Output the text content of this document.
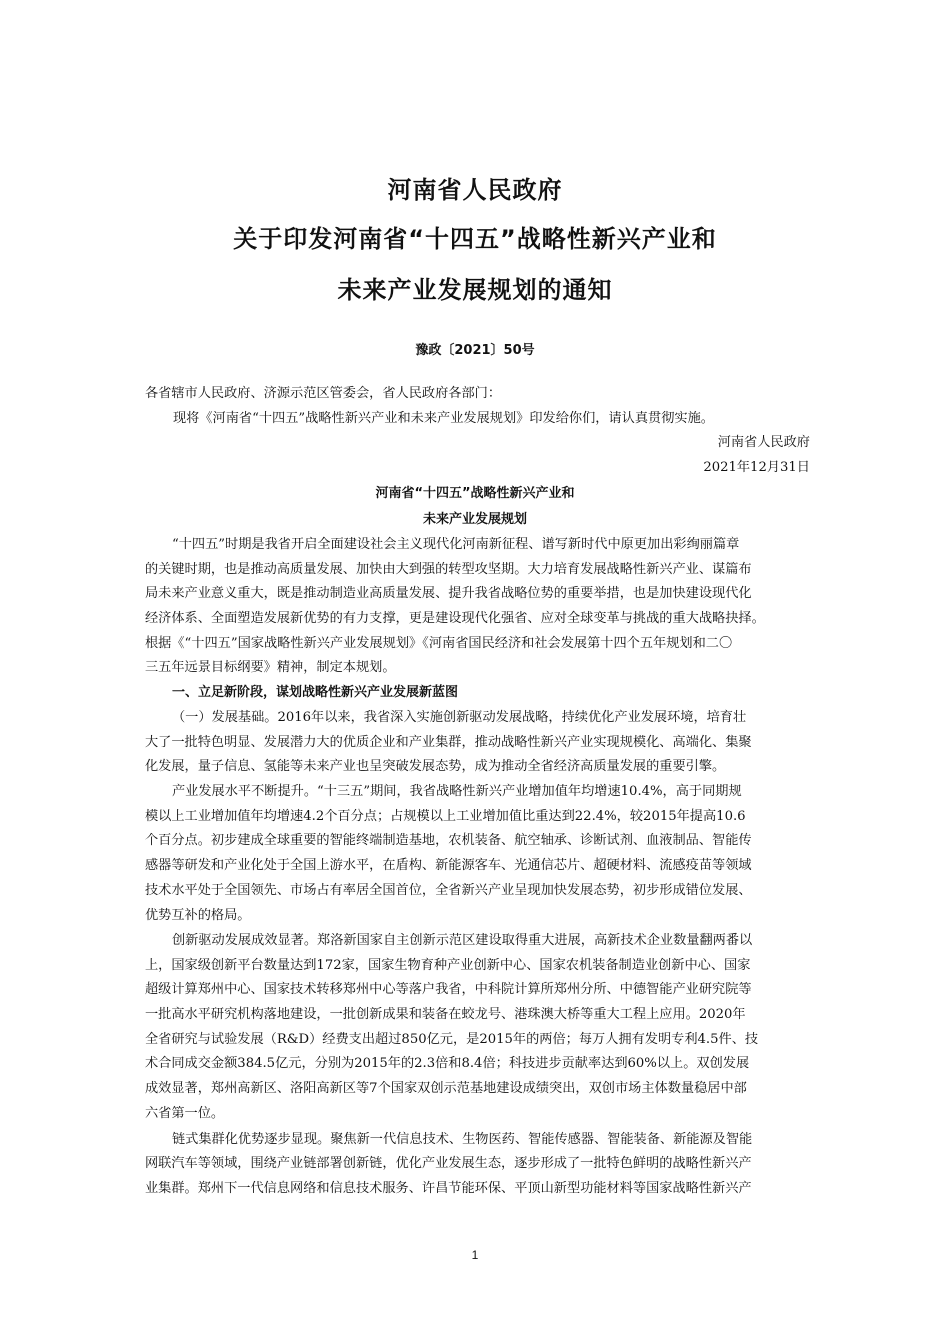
河南省人民政府
关于印发河南省“十四五”战略性新兴产业和
未来产业发展规划的通知
豫政〔2021〕50号
各省辖市人民政府、济源示范区管委会，省人民政府各部门：
现将《河南省“十四五”战略性新兴产业和未来产业发展规划》印发给你们，请认真贯彻实施。
河南省人民政府
2021年12月31日
河南省“十四五”战略性新兴产业和
未来产业发展规划
“十四五”时期是我省开启全面建设社会主义现代化河南新征程、谱写新时代中原更加出彩绚丽篇章
的关键时期，也是推动高质量发展、加快由大到强的转型攻坚期。大力培育发展战略性新兴产业、谋篇布
局未来产业意义重大，既是推动制造业高质量发展、提升我省战略位势的重要举措，也是加快建设现代化
经济体系、全面塑造发展新优势的有力支撑，更是建设现代化强省、应对全球变革与挑战的重大战略抉择。
根据《“十四五”国家战略性新兴产业发展规划》《河南省国民经济和社会发展第十四个五年规划和二〇
三五年远景目标纲要》精神，制定本规划。
一、立足新阶段，谋划战略性新兴产业发展新蓝图
（一）发展基础。2016年以来，我省深入实施创新驱动发展战略，持续优化产业发展环境，培育壮
大了一批特色明显、发展潜力大的优质企业和产业集群，推动战略性新兴产业实现规模化、高端化、集聚
化发展，量子信息、氢能等未来产业也呈突破发展态势，成为推动全省经济高质量发展的重要引擎。
产业发展水平不断提升。“十三五”期间，我省战略性新兴产业增加值年均增速10.4%，高于同期规
模以上工业增加值年均增速4.2个百分点；占规模以上工业增加值比重达到22.4%，较2015年提高10.6
个百分点。初步建成全球重要的智能终端制造基地，农机装备、航空轴承、诊断试剂、血液制品、智能传
感器等研发和产业化处于全国上游水平，在盾构、新能源客车、光通信芯片、超硬材料、流感疫苗等领域
技术水平处于全国领先、市场占有率居全国首位，全省新兴产业呈现加快发展态势，初步形成错位发展、
优势互补的格局。
创新驱动发展成效显著。郑洛新国家自主创新示范区建设取得重大进展，高新技术企业数量翻两番以
上，国家级创新平台数量达到172家，国家生物育种产业创新中心、国家农机装备制造业创新中心、国家
超级计算郑州中心、国家技术转移郑州中心等落户我省，中科院计算所郑州分所、中德智能产业研究院等
一批高水平研究机构落地建设，一批创新成果和装备在蛟龙号、港珠澳大桥等重大工程上应用。2020年
全省研究与试验发展（R&D）经费支出超过850亿元，是2015年的两倍；每万人拥有发明专利4.5件、技
术合同成交金额384.5亿元，分别为2015年的2.3倍和8.4倍；科技进步贡献率达到60%以上。双创发展
成效显著，郑州高新区、洛阳高新区等7个国家双创示范基地建设成绩突出，双创市场主体数量稳居中部
六省第一位。
链式集群化优势逐步显现。聚焦新一代信息技术、生物医药、智能传感器、智能装备、新能源及智能
网联汽车等领域，围绕产业链部署创新链，优化产业发展生态，逐步形成了一批特色鲜明的战略性新兴产
业集群。郑州下一代信息网络和信息技术服务、许昌节能环保、平顶山新型功能材料等国家战略性新兴产
1
